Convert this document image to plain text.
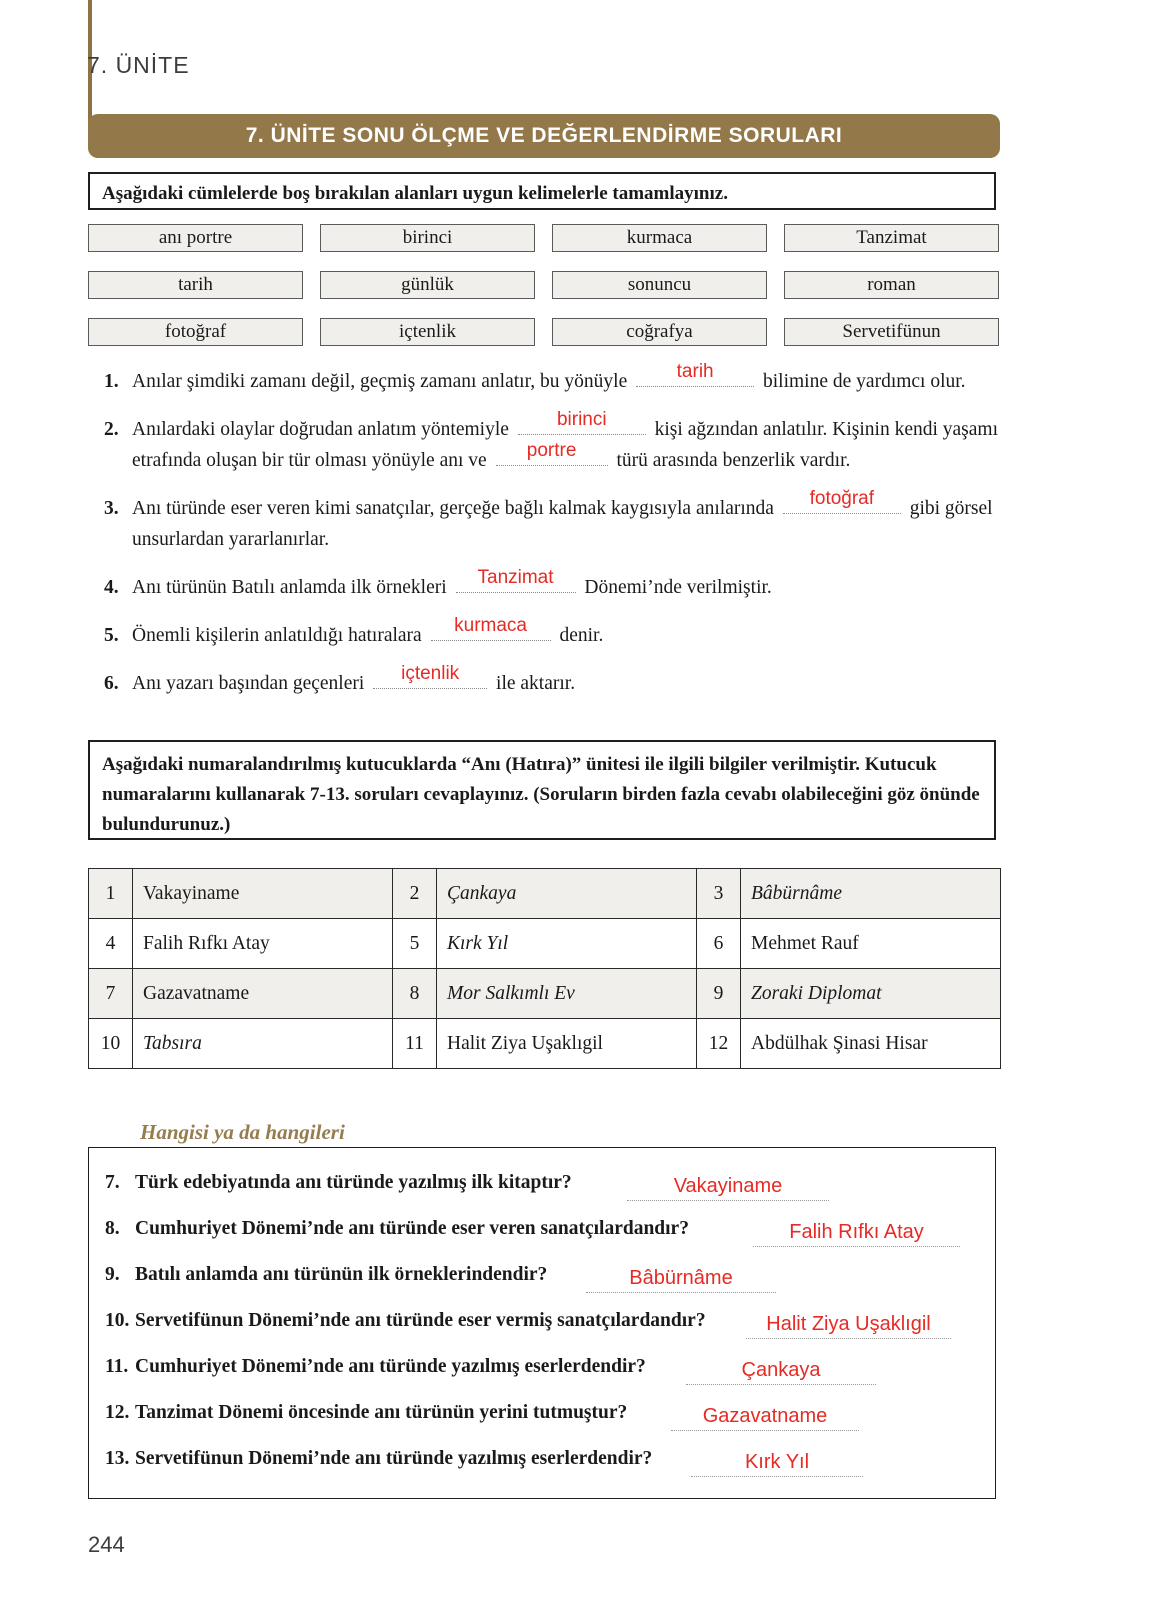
7. ÜNİTE
7. ÜNİTE SONU ÖLÇME VE DEĞERLENDİRME SORULARI
Aşağıdaki cümlelerde boş bırakılan alanları uygun kelimelerle tamamlayınız.
anı portre	birinci	kurmaca	Tanzimat
tarih	günlük	sonuncu	roman
fotoğraf	içtenlik	coğrafya	Servetifünun
1. Anılar şimdiki zamanı değil, geçmiş zamanı anlatır, bu yönüyle	tarih	bilimine de yardımcı olur.
2. Anılardaki olaylar doğrudan anlatım yöntemiyle	birinci	kişi ağzından anlatılır. Kişinin kendi yaşamı etrafında oluşan bir tür olması yönüyle anı ve	portre	türü arasında benzerlik vardır.
3. Anı türünde eser veren kimi sanatçılar, gerçeğe bağlı kalmak kaygısıyla anılarında	fotoğraf	gibi görsel unsurlardan yararlanırlar.
4. Anı türünün Batılı anlamda ilk örnekleri	Tanzimat	Dönemi’nde verilmiştir.
5. Önemli kişilerin anlatıldığı hatıralara	kurmaca	denir.
6. Anı yazarı başından geçenleri	içtenlik	ile aktarır.
Aşağıdaki numaralandırılmış kutucuklarda “Anı (Hatıra)” ünitesi ile ilgili bilgiler verilmiştir. Kutucuk numaralarını kullanarak 7-13. soruları cevaplayınız. (Soruların birden fazla cevabı olabileceğini göz önünde bulundurunuz.)
1	Vakayiname	2	Çankaya	3	Bâbürnâme
4	Falih Rıfkı Atay	5	Kırk Yıl	6	Mehmet Rauf
7	Gazavatname	8	Mor Salkımlı Ev	9	Zoraki Diplomat
10	Tabsıra	11	Halit Ziya Uşaklıgil	12	Abdülhak Şinasi Hisar
Hangisi ya da hangileri
7. Türk edebiyatında anı türünde yazılmış ilk kitaptır?	Vakayiname
8. Cumhuriyet Dönemi’nde anı türünde eser veren sanatçılardandır?	Falih Rıfkı Atay
9. Batılı anlamda anı türünün ilk örneklerindendir?	Bâbürnâme
10. Servetifünun Dönemi’nde anı türünde eser vermiş sanatçılardandır?	Halit Ziya Uşaklıgil
11. Cumhuriyet Dönemi’nde anı türünde yazılmış eserlerdendir?	Çankaya
12. Tanzimat Dönemi öncesinde anı türünün yerini tutmuştur?	Gazavatname
13. Servetifünun Dönemi’nde anı türünde yazılmış eserlerdendir?	Kırk Yıl
244
